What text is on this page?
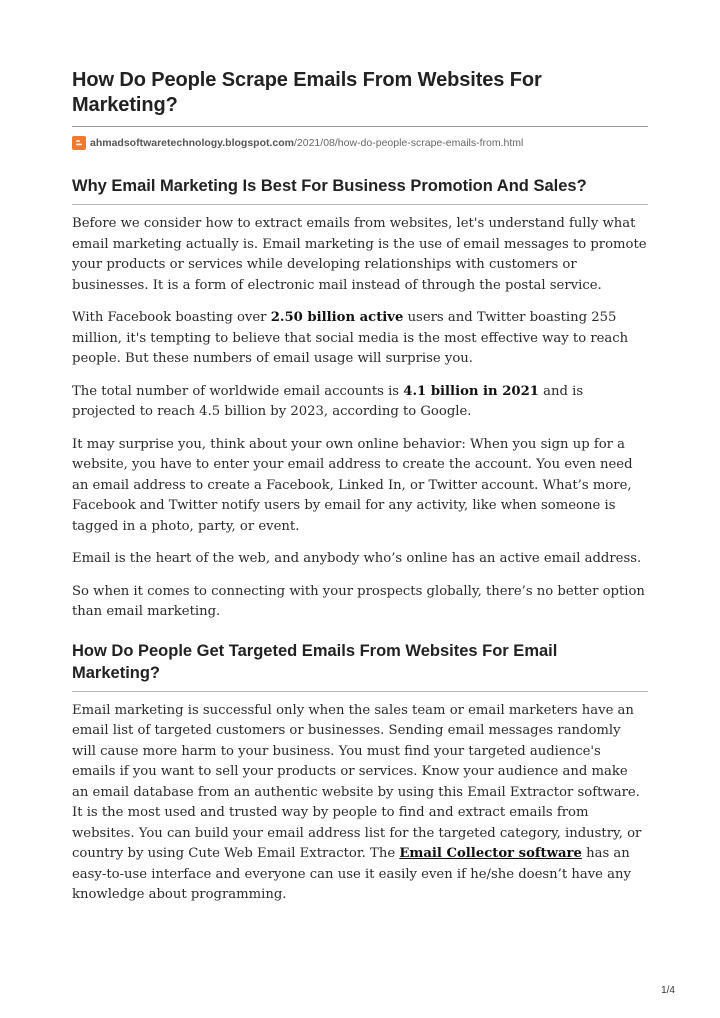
How Do People Scrape Emails From Websites For Marketing?
ahmadsoftwaretechnology.blogspot.com /2021/08/how-do-people-scrape-emails-from.html
Why Email Marketing Is Best For Business Promotion And Sales?

Before we consider how to extract emails from websites, let's understand fully what email marketing actually is. Email marketing is the use of email messages to promote your products or services while developing relationships with customers or businesses. It is a form of electronic mail instead of through the postal service.

With Facebook boasting over 2.50 billion active users and Twitter boasting 255 million, it's tempting to believe that social media is the most effective way to reach people. But these numbers of email usage will surprise you.

The total number of worldwide email accounts is 4.1 billion in 2021 and is projected to reach 4.5 billion by 2023, according to Google.

It may surprise you, think about your own online behavior: When you sign up for a website, you have to enter your email address to create the account. You even need an email address to create a Facebook, Linked In, or Twitter account. What’s more, Facebook and Twitter notify users by email for any activity, like when someone is tagged in a photo, party, or event.

Email is the heart of the web, and anybody who’s online has an active email address.

So when it comes to connecting with your prospects globally, there’s no better option than email marketing.

How Do People Get Targeted Emails From Websites For Email Marketing?

Email marketing is successful only when the sales team or email marketers have an email list of targeted customers or businesses. Sending email messages randomly will cause more harm to your business. You must find your targeted audience's emails if you want to sell your products or services. Know your audience and make an email database from an authentic website by using this Email Extractor software. It is the most used and trusted way by people to find and extract emails from websites. You can build your email address list for the targeted category, industry, or country by using Cute Web Email Extractor. The Email Collector software has an easy-to-use interface and everyone can use it easily even if he/she doesn’t have any knowledge about programming.

1/4
